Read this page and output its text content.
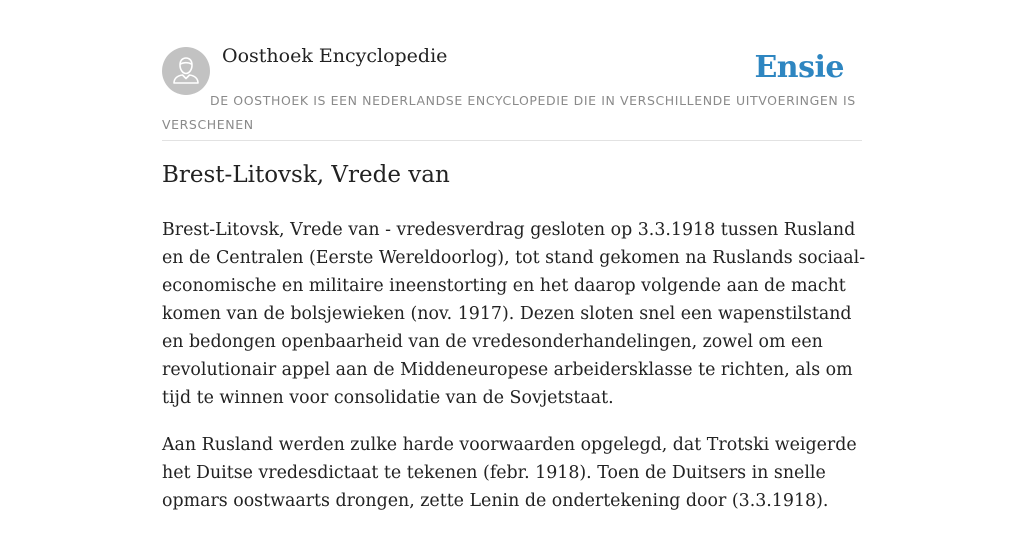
Oosthoek Encyclopedie	Ensie

DE OOSTHOEK IS EEN NEDERLANDSE ENCYCLOPEDIE DIE IN VERSCHILLENDE UITVOERINGEN IS VERSCHENEN

Brest-Litovsk, Vrede van

Brest-Litovsk, Vrede van - vredesverdrag gesloten op 3.3.1918 tussen Rusland en de Centralen (Eerste Wereldoorlog), tot stand gekomen na Ruslands sociaal-economische en militaire ineenstorting en het daarop volgende aan de macht komen van de bolsjewieken (nov. 1917). Dezen sloten snel een wapenstilstand en bedongen openbaarheid van de vredesonderhandelingen, zowel om een revolutionair appel aan de Middeneuropese arbeidersklasse te richten, als om tijd te winnen voor consolidatie van de Sovjetstaat.

Aan Rusland werden zulke harde voorwaarden opgelegd, dat Trotski weigerde het Duitse vredesdictaat te tekenen (febr. 1918). Toen de Duitsers in snelle opmars oostwaarts drongen, zette Lenin de ondertekening door (3.3.1918).
